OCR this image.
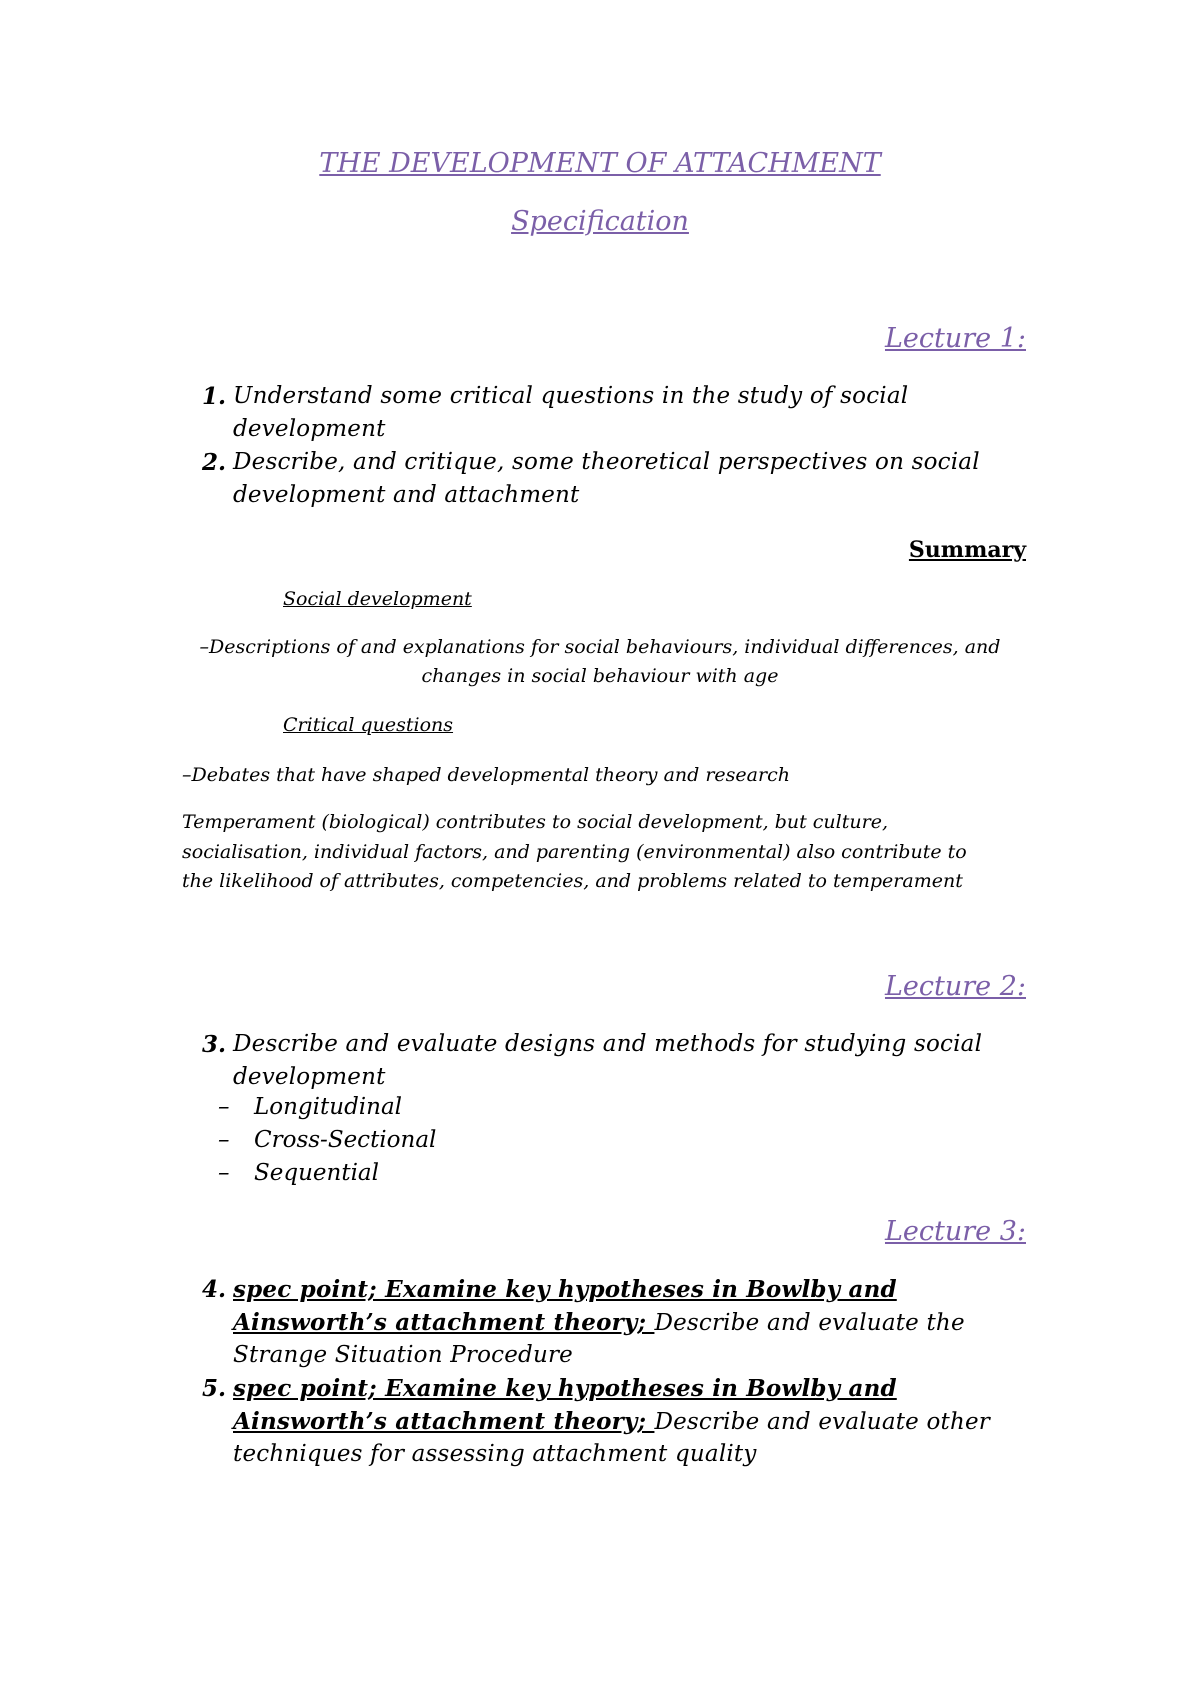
THE DEVELOPMENT OF ATTACHMENT
Specification
Lecture 1:
1. Understand some critical questions in the study of social
development
2. Describe, and critique, some theoretical perspectives on social
development and attachment
Summary
Social development
–Descriptions of and explanations for social behaviours, individual differences, and
changes in social behaviour with age
Critical questions
–Debates that have shaped developmental theory and research
Temperament (biological) contributes to social development, but culture,
socialisation, individual factors, and parenting (environmental) also contribute to
the likelihood of attributes, competencies, and problems related to temperament
Lecture 2:
3. Describe and evaluate designs and methods for studying social
development
– Longitudinal
– Cross-Sectional
– Sequential
Lecture 3:
4. spec point; Examine key hypotheses in Bowlby and
Ainsworth’s attachment theory; Describe and evaluate the
Strange Situation Procedure
5. spec point; Examine key hypotheses in Bowlby and
Ainsworth’s attachment theory; Describe and evaluate other
techniques for assessing attachment quality
